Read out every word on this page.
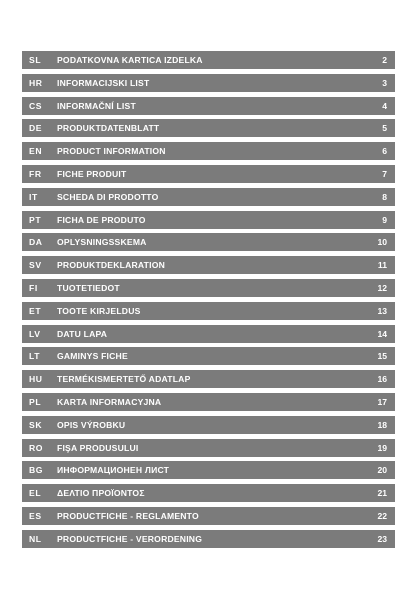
SL	PODATKOVNA KARTICA IZDELKA	2
HR	INFORMACIJSKI LIST	3
CS	INFORMAČNÍ LIST	4
DE	PRODUKTDATENBLATT	5
EN	PRODUCT INFORMATION	6
FR	FICHE PRODUIT	7
IT	SCHEDA DI PRODOTTO	8
PT	FICHA DE PRODUTO	9
DA	OPLYSNINGSSKEMA	10
SV	PRODUKTDEKLARATION	11
FI	TUOTETIEDOT	12
ET	TOOTE KIRJELDUS	13
LV	DATU LAPA	14
LT	GAMINYS FICHE	15
HU	TERMÉKISMERTETŐ ADATLAP	16
PL	KARTA INFORMACYJNA	17
SK	OPIS VÝROBKU	18
RO	FIŞA PRODUSULUI	19
BG	ИНФОРМАЦИОНЕН ЛИСТ	20
EL	ΔΕΛΤΙΟ ΠΡΟΪΟΝΤΟΣ	21
ES	PRODUCTFICHE - REGLAMENTO	22
NL	PRODUCTFICHE - VERORDENING	23
